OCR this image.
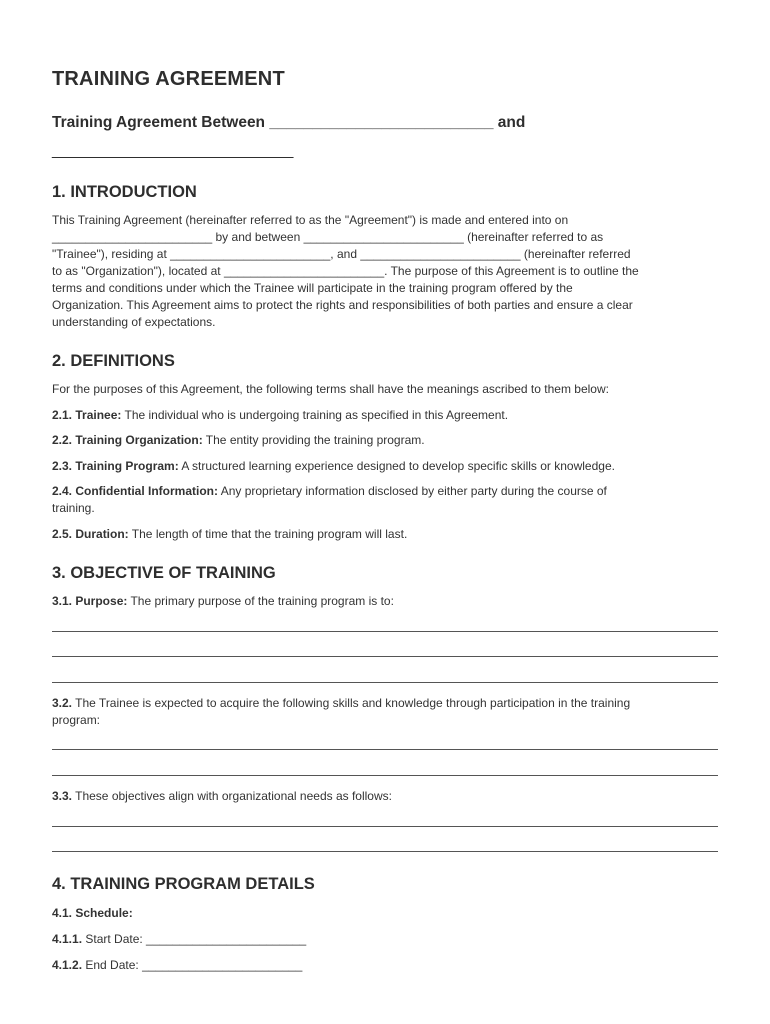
TRAINING AGREEMENT
Training Agreement Between __________________________ and
____________________________
1. INTRODUCTION
This Training Agreement (hereinafter referred to as the "Agreement") is made and entered into on
________________________ by and between ________________________ (hereinafter referred to as
"Trainee"), residing at ________________________, and ________________________ (hereinafter referred
to as "Organization"), located at ________________________. The purpose of this Agreement is to outline the
terms and conditions under which the Trainee will participate in the training program offered by the
Organization. This Agreement aims to protect the rights and responsibilities of both parties and ensure a clear
understanding of expectations.
2. DEFINITIONS
For the purposes of this Agreement, the following terms shall have the meanings ascribed to them below:
2.1. Trainee: The individual who is undergoing training as specified in this Agreement.
2.2. Training Organization: The entity providing the training program.
2.3. Training Program: A structured learning experience designed to develop specific skills or knowledge.
2.4. Confidential Information: Any proprietary information disclosed by either party during the course of
training.
2.5. Duration: The length of time that the training program will last.
3. OBJECTIVE OF TRAINING
3.1. Purpose: The primary purpose of the training program is to:
3.2. The Trainee is expected to acquire the following skills and knowledge through participation in the training
program:
3.3. These objectives align with organizational needs as follows:
4. TRAINING PROGRAM DETAILS
4.1. Schedule:
4.1.1. Start Date: ________________________
4.1.2. End Date: ________________________
